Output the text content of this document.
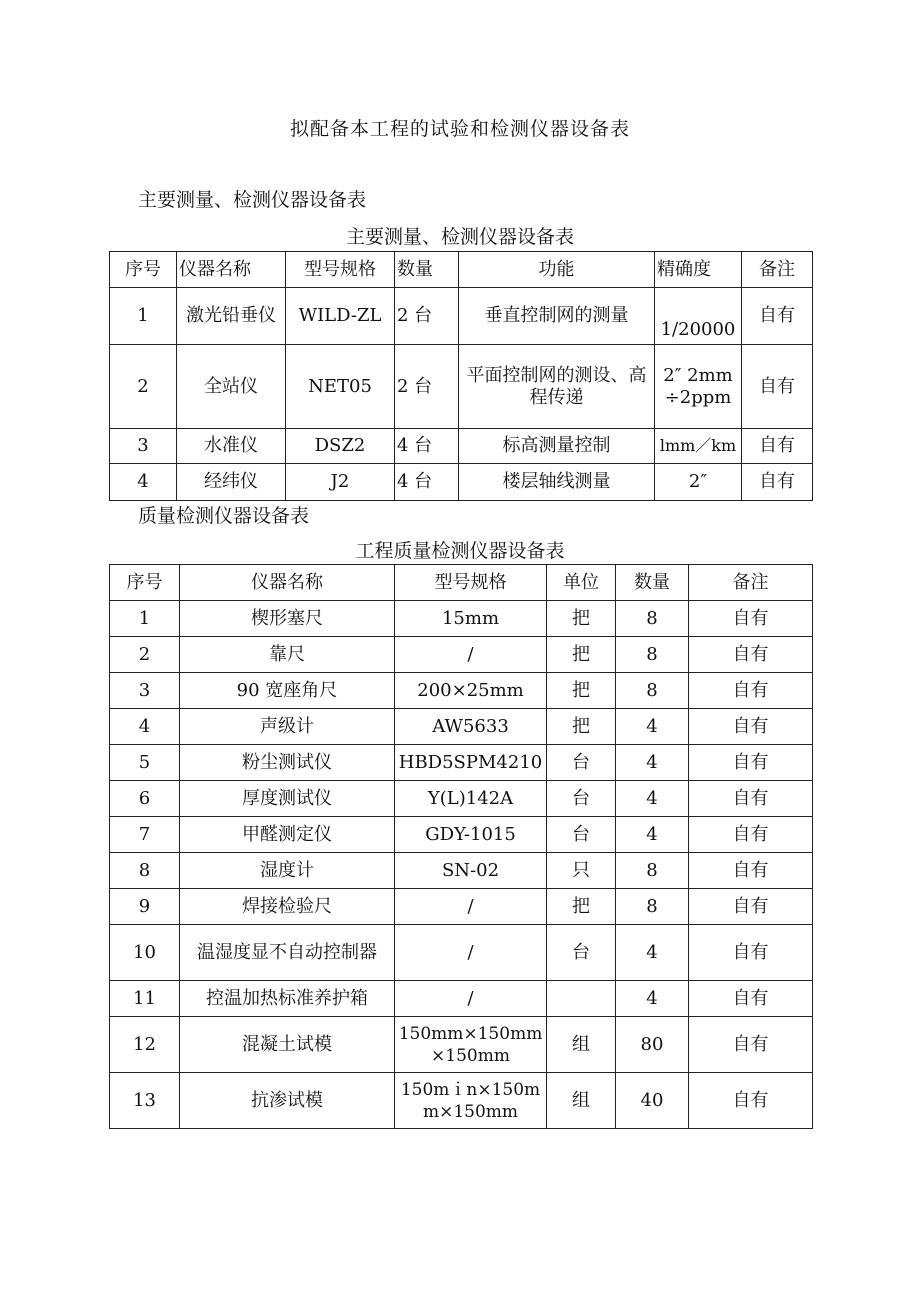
拟配备本工程的试验和检测仪器设备表
主要测量、检测仪器设备表
主要测量、检测仪器设备表
序号	仪器名称	型号规格	数量	功能	精确度	备注
1	激光铅垂仪	WILD-ZL	2 台	垂直控制网的测量	1/20000	自有
2	全站仪	NET05	2 台	平面控制网的测设、高程传递	2″ 2mm÷2ppm	自有
3	水准仪	DSZ2	4 台	标高测量控制	lmm／km	自有
4	经纬仪	J2	4 台	楼层轴线测量	2″	自有
质量检测仪器设备表
工程质量检测仪器设备表
序号	仪器名称	型号规格	单位	数量	备注
1	楔形塞尺	15mm	把	8	自有
2	靠尺	/	把	8	自有
3	90 宽座角尺	200×25mm	把	8	自有
4	声级计	AW5633	把	4	自有
5	粉尘测试仪	HBD5SPM4210	台	4	自有
6	厚度测试仪	Y(L)142A	台	4	自有
7	甲醛测定仪	GDY-1015	台	4	自有
8	湿度计	SN-02	只	8	自有
9	焊接检验尺	/	把	8	自有
10	温湿度显不自动控制器	/	台	4	自有
11	控温加热标准养护箱	/		4	自有
12	混凝土试模	150mm×150mm×150mm	组	80	自有
13	抗渗试模	150mｉn×150mm×150mm	组	40	自有
